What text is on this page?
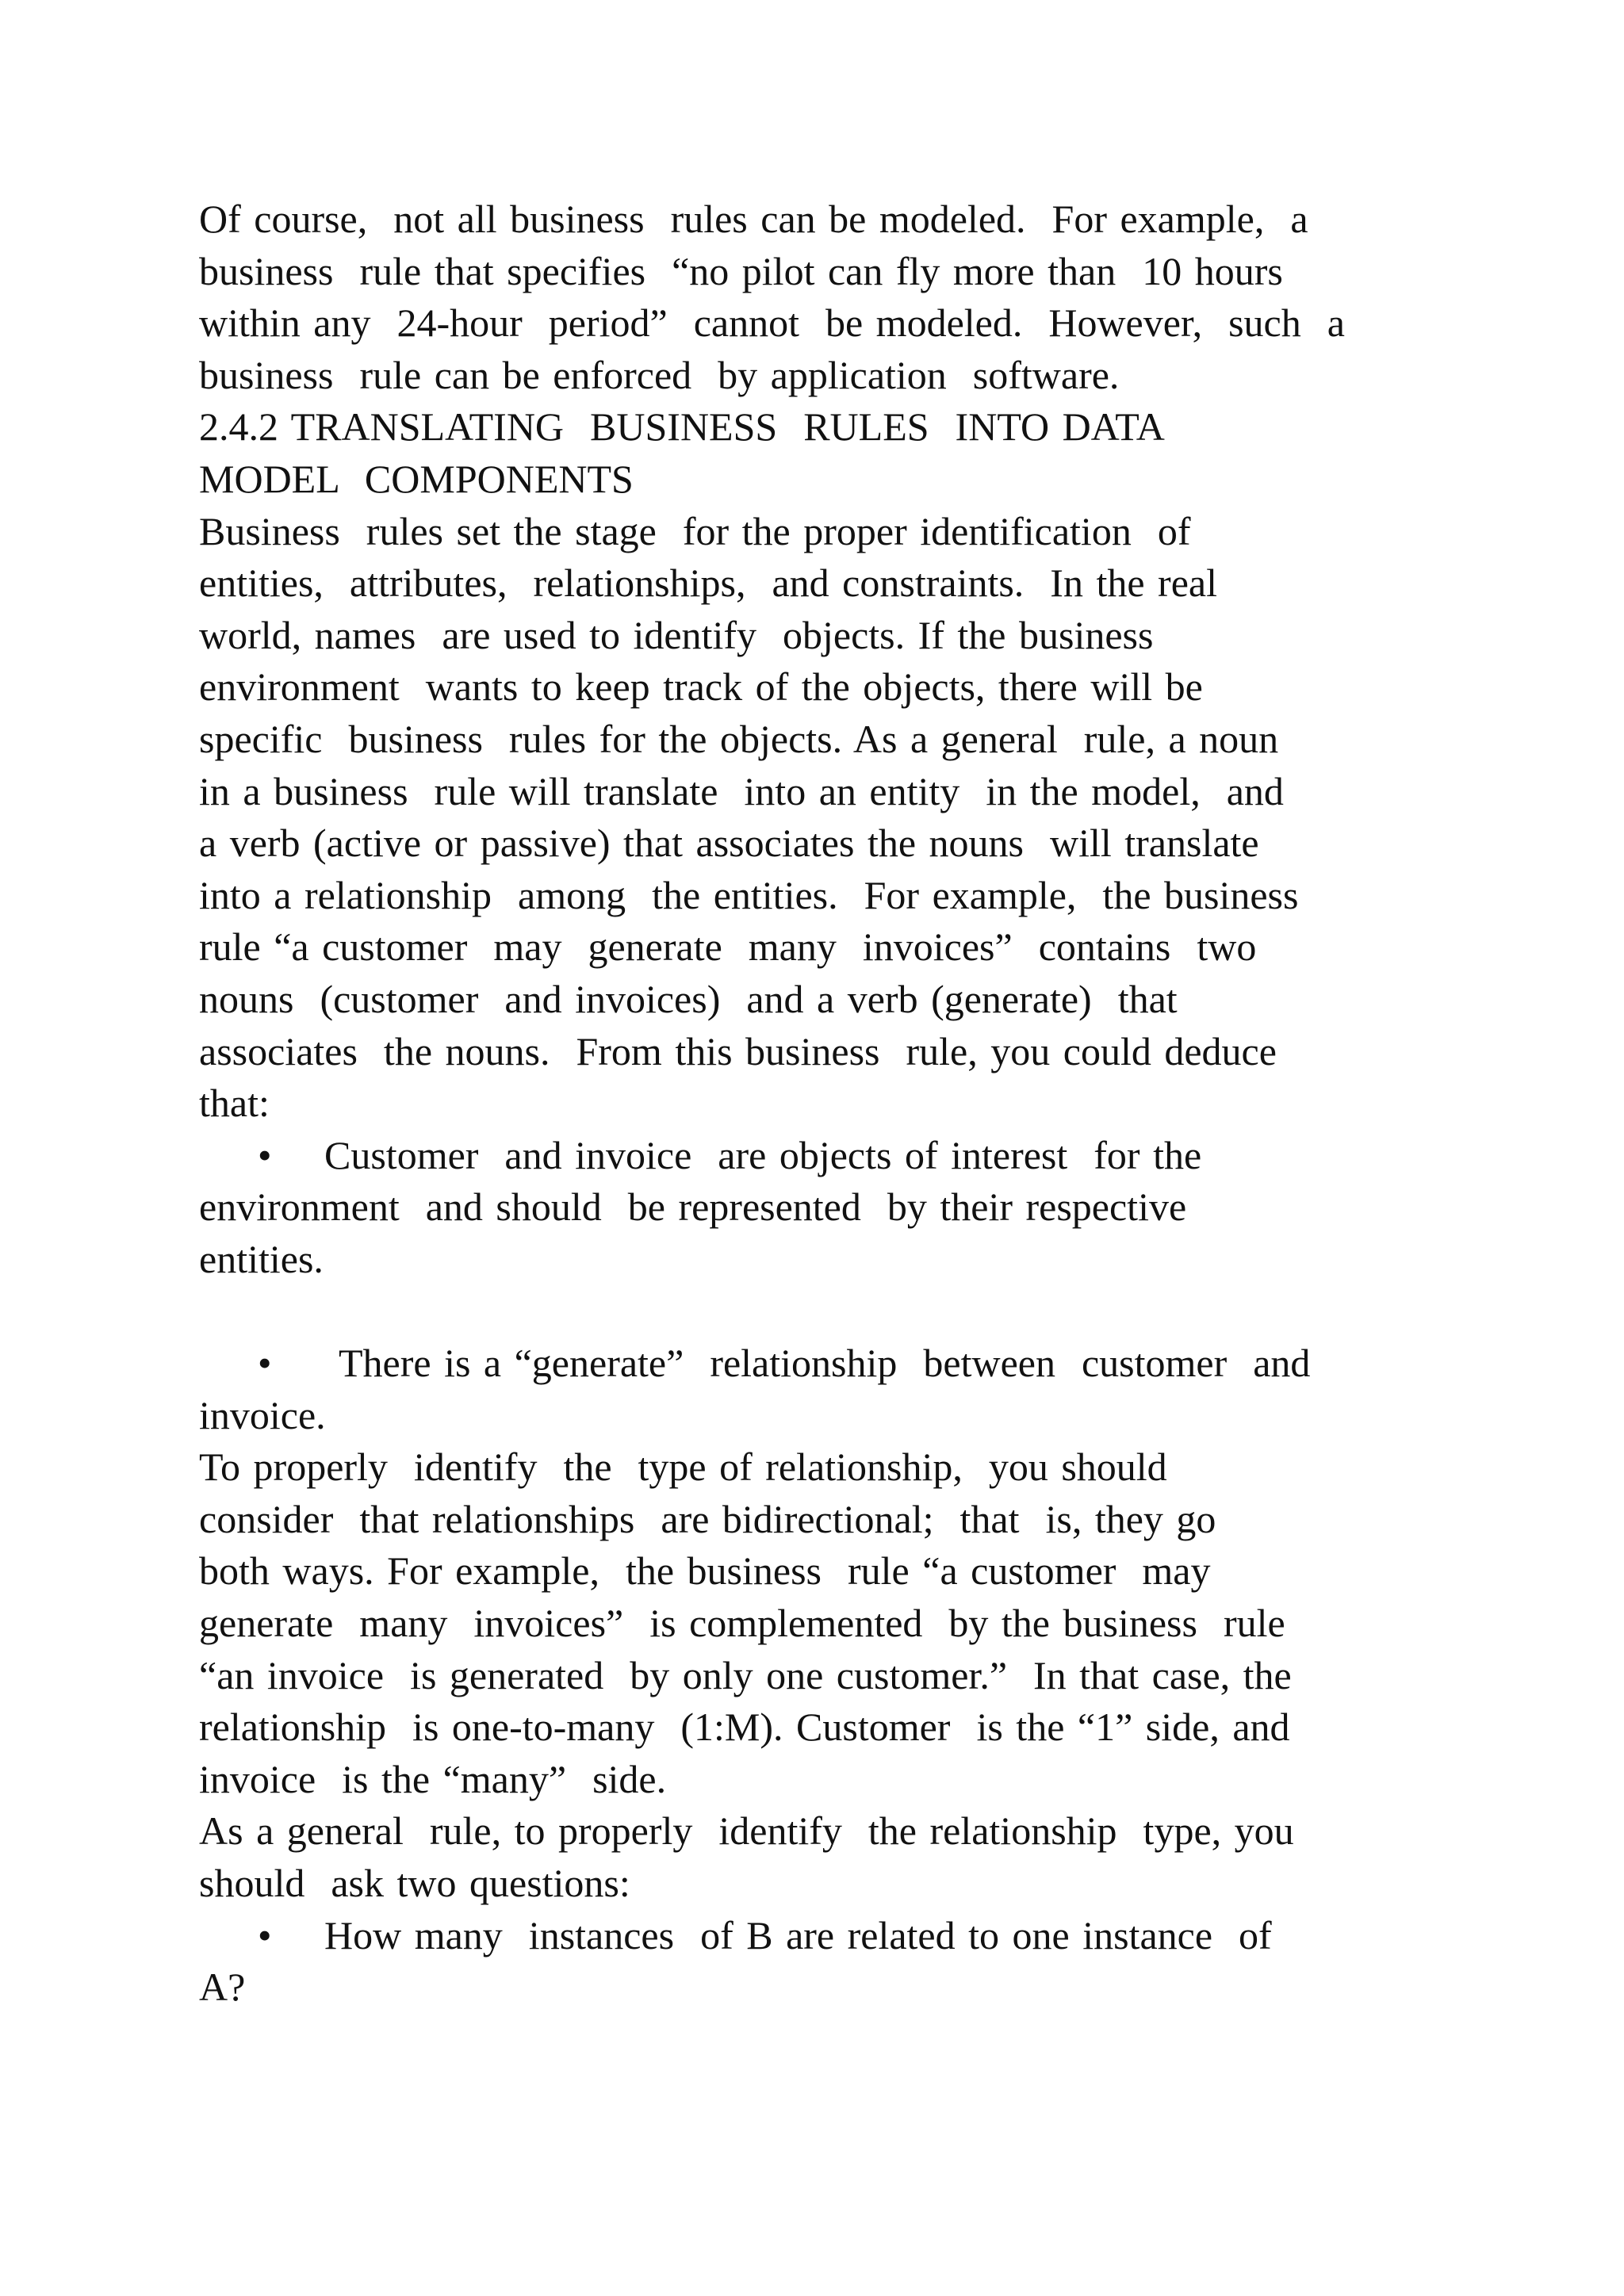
Of course,  not all business  rules can be modeled.  For example,  a
business  rule that specifies  “no pilot can fly more than  10 hours
within any  24-hour  period”  cannot  be modeled.  However,  such  a
business  rule can be enforced  by application  software.
2.4.2 TRANSLATING  BUSINESS  RULES  INTO DATA
MODEL  COMPONENTS
Business  rules set the stage  for the proper identification  of
entities,  attributes,  relationships,  and constraints.  In the real
world, names  are used to identify  objects. If the business
environment  wants to keep track of the objects, there will be
specific  business  rules for the objects. As a general  rule, a noun
in a business  rule will translate  into an entity  in the model,  and
a verb (active or passive) that associates the nouns  will translate
into a relationship  among  the entities.  For example,  the business
rule “a customer  may  generate  many  invoices”  contains  two
nouns  (customer  and invoices)  and a verb (generate)  that
associates  the nouns.  From this business  rule, you could deduce
that:
• Customer  and invoice  are objects of interest  for the
environment  and should  be represented  by their respective
entities.
• There is a “generate”  relationship  between  customer  and
invoice.
To properly  identify  the  type of relationship,  you should
consider  that relationships  are bidirectional;  that  is, they go
both ways. For example,  the business  rule “a customer  may
generate  many  invoices”  is complemented  by the business  rule
“an invoice  is generated  by only one customer.”  In that case, the
relationship  is one-to-many  (1:M). Customer  is the “1” side, and
invoice  is the “many”  side.
As a general  rule, to properly  identify  the relationship  type, you
should  ask two questions:
• How many  instances  of B are related to one instance  of
A?
